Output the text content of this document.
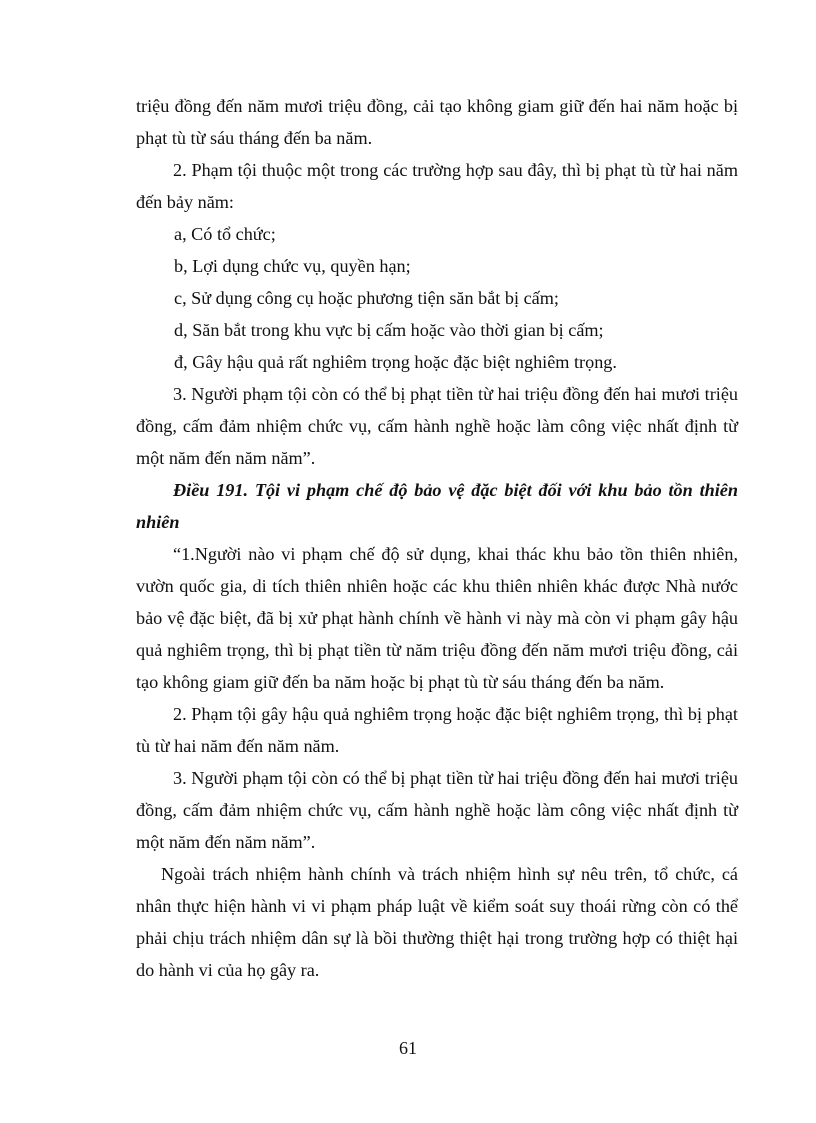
triệu đồng đến năm mươi triệu đồng, cải tạo không giam giữ đến hai năm hoặc bị phạt tù từ sáu tháng đến ba năm.

2. Phạm tội thuộc một trong các trường hợp sau đây, thì bị phạt tù từ hai năm đến bảy năm:

a, Có tổ chức;

b, Lợi dụng chức vụ, quyền hạn;

c, Sử dụng công cụ hoặc phương tiện săn bắt bị cấm;

d, Săn bắt trong khu vực bị cấm hoặc vào thời gian bị cấm;

đ, Gây hậu quả rất nghiêm trọng hoặc đặc biệt nghiêm trọng.

3. Người phạm tội còn có thể bị phạt tiền từ hai triệu đồng đến hai mươi triệu đồng, cấm đảm nhiệm chức vụ, cấm hành nghề hoặc làm công việc nhất định từ một năm đến năm năm”.

Điều 191. Tội vi phạm chế độ bảo vệ đặc biệt đối với khu bảo tồn thiên nhiên

“1.Người nào vi phạm chế độ sử dụng, khai thác khu bảo tồn thiên nhiên, vườn quốc gia, di tích thiên nhiên hoặc các khu thiên nhiên khác được Nhà nước bảo vệ đặc biệt, đã bị xử phạt hành chính về hành vi này mà còn vi phạm gây hậu quả nghiêm trọng, thì bị phạt tiền từ năm triệu đồng đến năm mươi triệu đồng, cải tạo không giam giữ đến ba năm hoặc bị phạt tù từ sáu tháng đến ba năm.

2. Phạm tội gây hậu quả nghiêm trọng hoặc đặc biệt nghiêm trọng, thì bị phạt tù từ hai năm đến năm năm.

3. Người phạm tội còn có thể bị phạt tiền từ hai triệu đồng đến hai mươi triệu đồng, cấm đảm nhiệm chức vụ, cấm hành nghề hoặc làm công việc nhất định từ một năm đến năm năm”.

Ngoài trách nhiệm hành chính và trách nhiệm hình sự nêu trên, tổ chức, cá nhân thực hiện hành vi vi phạm pháp luật về kiểm soát suy thoái rừng còn có thể phải chịu trách nhiệm dân sự là bồi thường thiệt hại trong trường hợp có thiệt hại do hành vi của họ gây ra.

61
